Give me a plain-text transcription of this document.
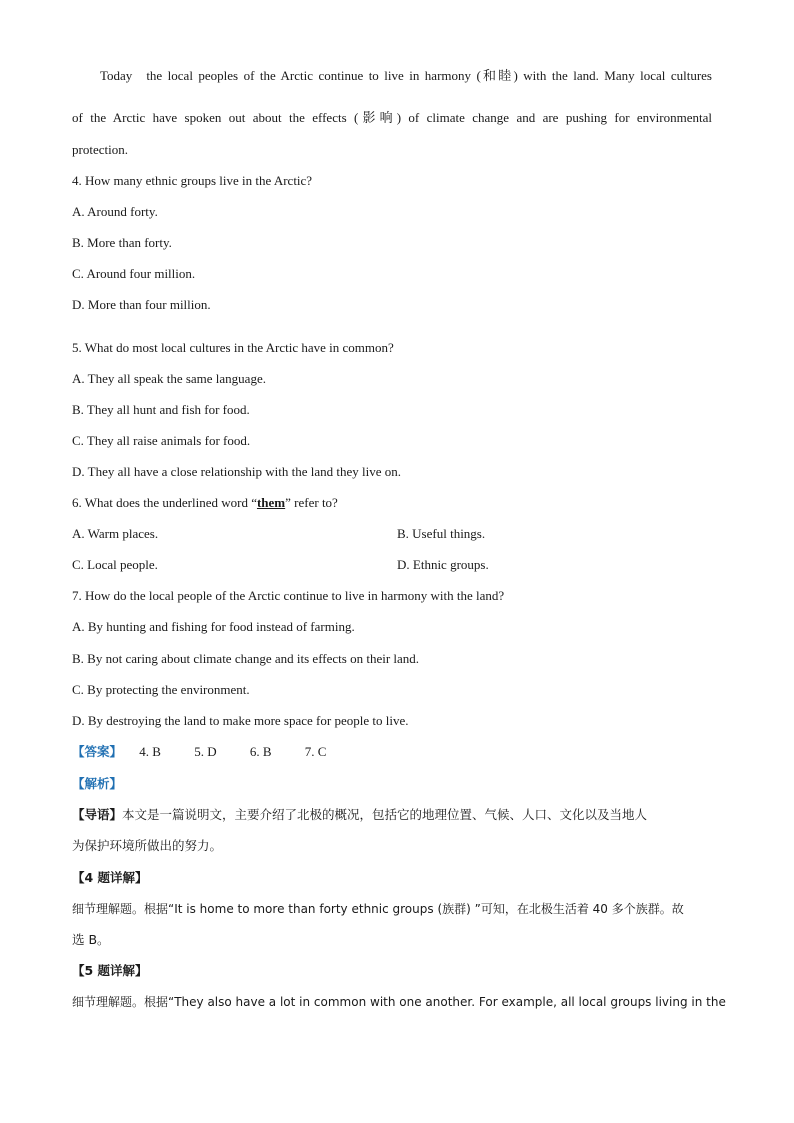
Today the local peoples of the Arctic continue to live in harmony (和睦) with the land. Many local cultures
of the Arctic have spoken out about the effects (影响) of climate change and are pushing for environmental
protection.
4. How many ethnic groups live in the Arctic?
A. Around forty.
B. More than forty.
C. Around four million.
D. More than four million.
5. What do most local cultures in the Arctic have in common?
A. They all speak the same language.
B. They all hunt and fish for food.
C. They all raise animals for food.
D. They all have a close relationship with the land they live on.
6. What does the underlined word “them” refer to?
A. Warm places.	B. Useful things.
C. Local people.	D. Ethnic groups.
7. How do the local people of the Arctic continue to live in harmony with the land?
A. By hunting and fishing for food instead of farming.
B. By not caring about climate change and its effects on their land.
C. By protecting the environment.
D. By destroying the land to make more space for people to live.
【答案】 4. B	5. D	6. B	7. C
【解析】
【导语】本文是一篇说明文，主要介绍了北极的概况，包括它的地理位置、气候、人口、文化以及当地人
为保护环境所做出的努力。
【4 题详解】
细节理解题。根据“It is home to more than forty ethnic groups (族群) ”可知，在北极生活着 40 多个族群。故
选 B。
【5 题详解】
细节理解题。根据“They also have a lot in common with one another. For example, all local groups living in the
